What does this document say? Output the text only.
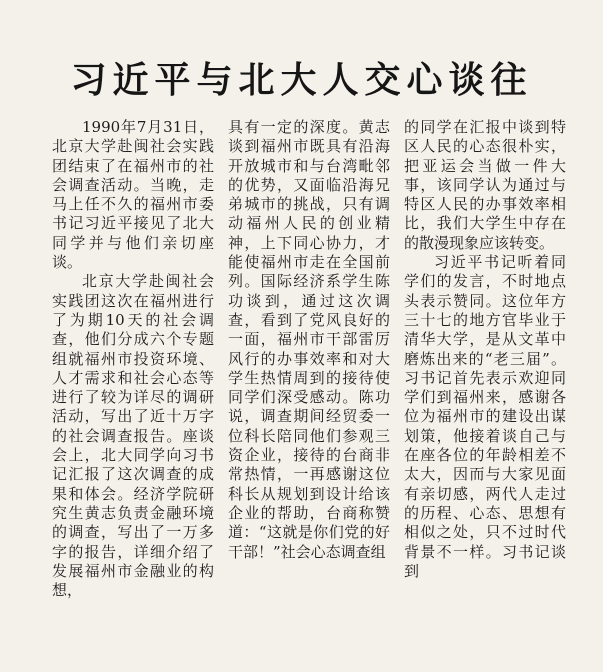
习近平与北大人交心谈往

1990年7月31日，北京大学赴闽社会实践团结束了在福州市的社会调查活动。当晚，走马上任不久的福州市委书记习近平接见了北大同学并与他们亲切座谈。

北京大学赴闽社会实践团这次在福州进行了为期10天的社会调查，他们分成六个专题组就福州市投资环境、人才需求和社会心态等进行了较为详尽的调研活动，写出了近十万字的社会调查报告。座谈会上，北大同学向习书记汇报了这次调查的成果和体会。经济学院研究生黄志负责金融环境的调查，写出了一万多字的报告，详细介绍了发展福州市金融业的构想，

具有一定的深度。黄志谈到福州市既具有沿海开放城市和与台湾毗邻的优势，又面临沿海兄弟城市的挑战，只有调动福州人民的创业精神，上下同心协力，才能使福州市走在全国前列。国际经济系学生陈功谈到，通过这次调查，看到了党风良好的一面，福州市干部雷厉风行的办事效率和对大学生热情周到的接待使同学们深受感动。陈功说，调查期间经贸委一位科长陪同他们参观三资企业，接待的台商非常热情，一再感谢这位科长从规划到设计给该企业的帮助，台商称赞道：“这就是你们党的好干部！”社会心态调查组

的同学在汇报中谈到特区人民的心态很朴实，把亚运会当做一件大事，该同学认为通过与特区人民的办事效率相比，我们大学生中存在的散漫现象应该转变。

习近平书记听着同学们的发言，不时地点头表示赞同。这位年方三十七的地方官毕业于清华大学，是从文革中磨炼出来的“老三届”。习书记首先表示欢迎同学们到福州来，感谢各位为福州市的建设出谋划策，他接着谈自己与在座各位的年龄相差不太大，因而与大家见面有亲切感，两代人走过的历程、心态、思想有相似之处，只不过时代背景不一样。习书记谈到
